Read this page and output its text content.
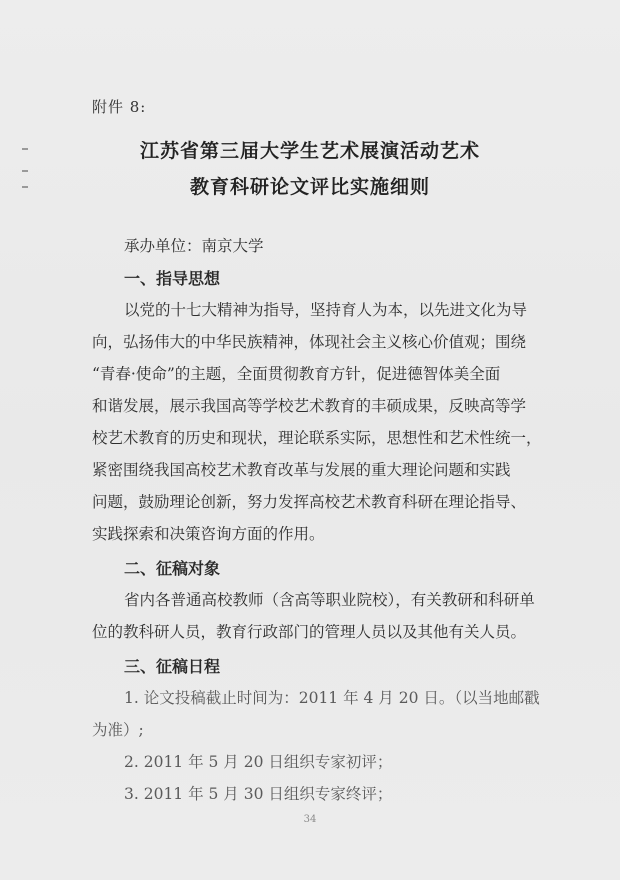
附件 8:
江苏省第三届大学生艺术展演活动艺术
教育科研论文评比实施细则
承办单位：南京大学
一、指导思想
以党的十七大精神为指导，坚持育人为本，以先进文化为导
向，弘扬伟大的中华民族精神，体现社会主义核心价值观；围绕
“青春·使命”的主题，全面贯彻教育方针，促进德智体美全面
和谐发展，展示我国高等学校艺术教育的丰硕成果，反映高等学
校艺术教育的历史和现状，理论联系实际，思想性和艺术性统一，
紧密围绕我国高校艺术教育改革与发展的重大理论问题和实践
问题，鼓励理论创新，努力发挥高校艺术教育科研在理论指导、
实践探索和决策咨询方面的作用。
二、征稿对象
省内各普通高校教师（含高等职业院校），有关教研和科研单
位的教科研人员，教育行政部门的管理人员以及其他有关人员。
三、征稿日程
1. 论文投稿截止时间为：2011 年 4 月 20 日。（以当地邮戳
为准）;
2. 2011 年 5 月 20 日组织专家初评；
3. 2011 年 5 月 30 日组织专家终评；
34
